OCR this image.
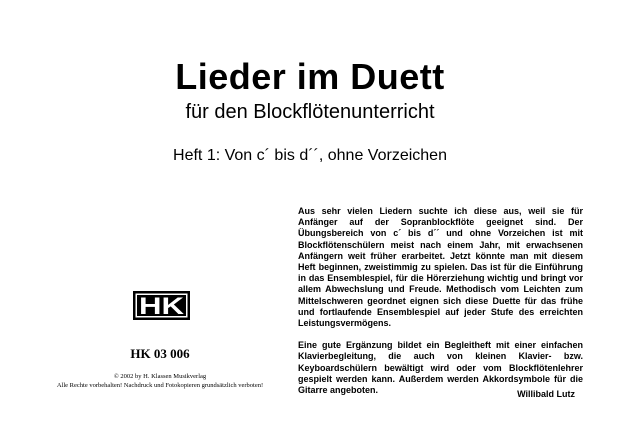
Lieder im Duett
für den Blockflötenunterricht
Heft 1: Von c´ bis d´´, ohne Vorzeichen

Aus sehr vielen Liedern suchte ich diese aus, weil sie für Anfänger auf der Sopranblockflöte geeignet sind. Der Übungsbereich von c´ bis d´´ und ohne Vorzeichen ist mit Blockflötenschülern meist nach einem Jahr, mit erwachsenen Anfängern weit früher erarbeitet. Jetzt könnte man mit diesem Heft beginnen, zweistimmig zu spielen. Das ist für die Einführung in das Ensemblespiel, für die Hörerziehung wichtig und bringt vor allem Abwechslung und Freude. Methodisch vom Leichten zum Mittelschweren geordnet eignen sich diese Duette für das frühe und fortlaufende Ensemblespiel auf jeder Stufe des erreichten Leistungsvermögens.

Eine gute Ergänzung bildet ein Begleitheft mit einer einfachen Klavierbegleitung, die auch von kleinen Klavier- bzw. Keyboardschülern bewältigt wird oder vom Blockflötenlehrer gespielt werden kann. Außerdem werden Akkordsymbole für die Gitarre angeboten.	Willibald Lutz
HK
HK 03 006
© 2002 by H. Klassen Musikverlag
Alle Rechte vorbehalten! Nachdruck und Fotokopieren grundsätzlich verboten!
